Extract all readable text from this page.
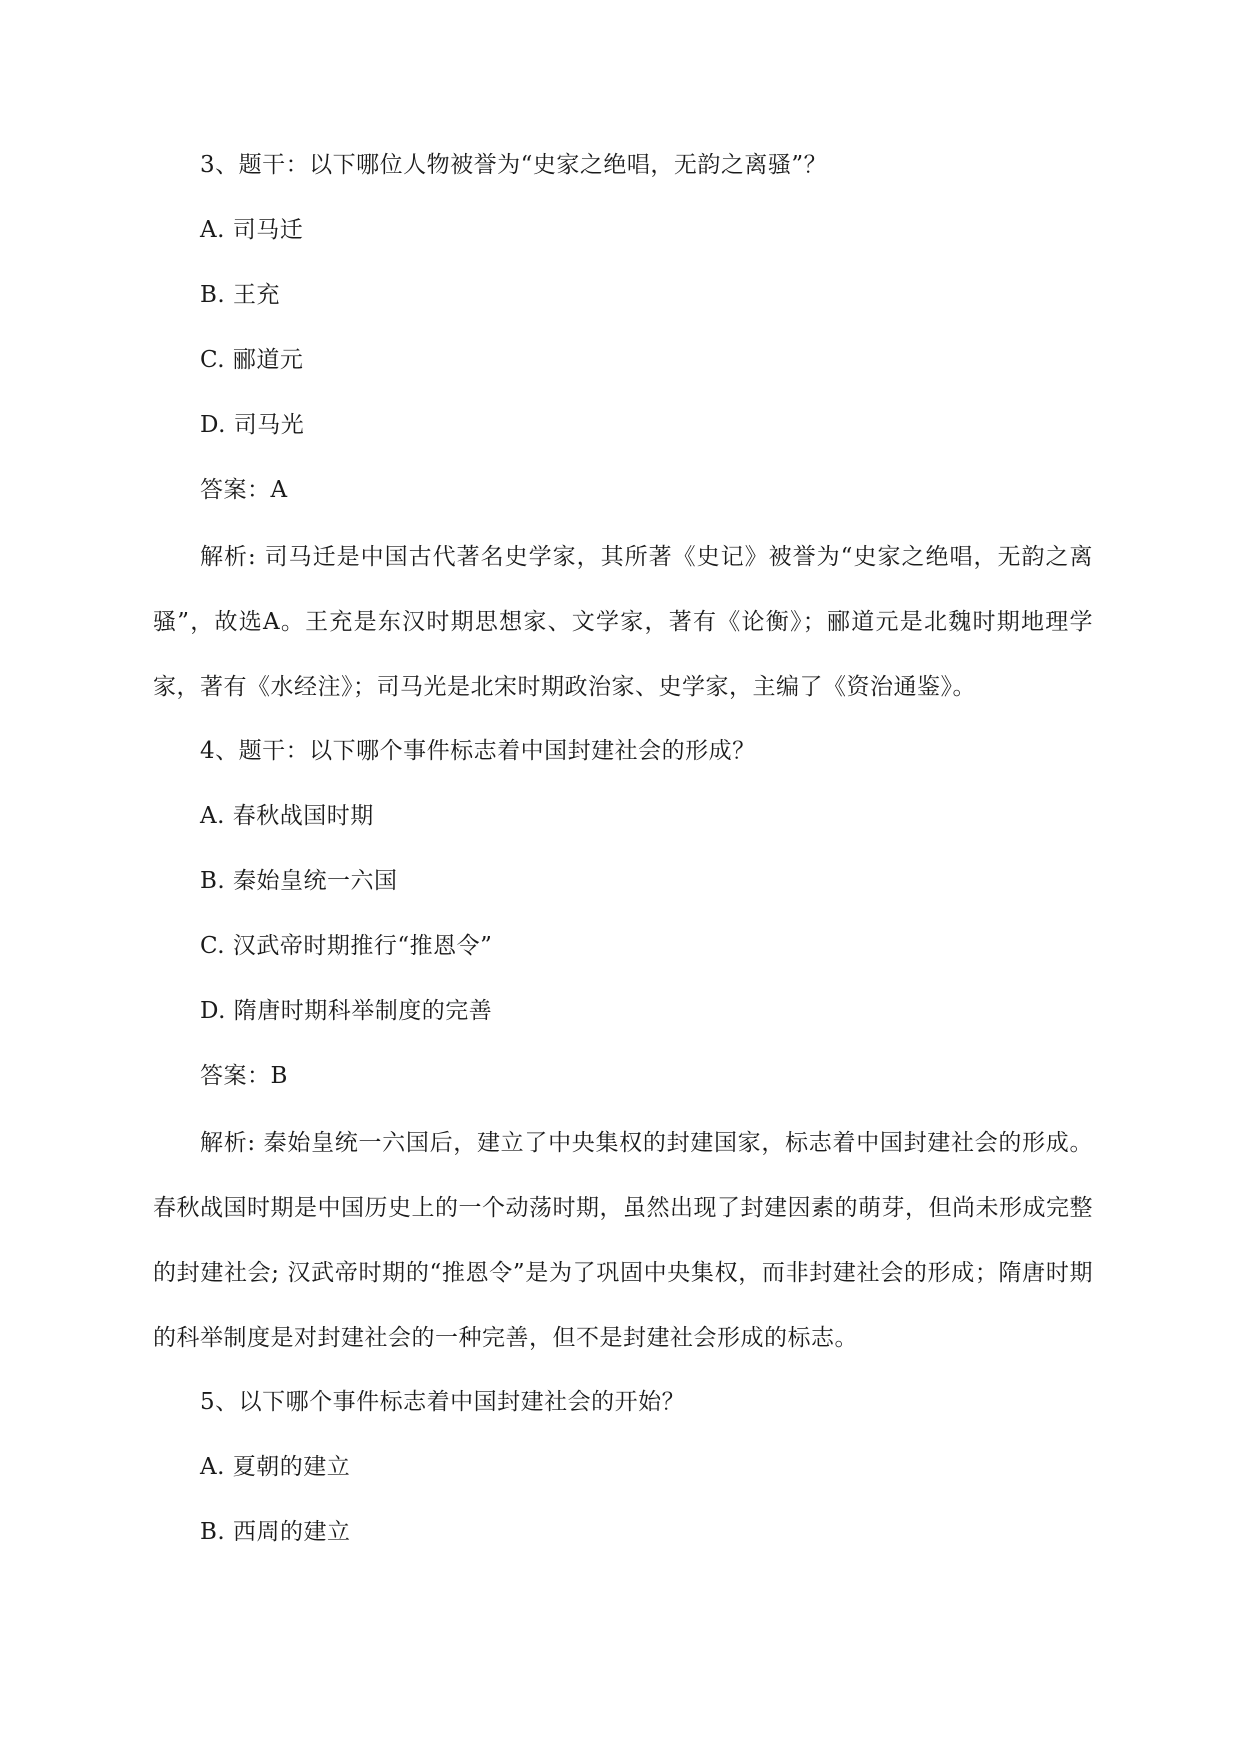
3、题干：以下哪位人物被誉为“史家之绝唱，无韵之离骚”？
A. 司马迁
B. 王充
C. 郦道元
D. 司马光
答案：A
解析: 司马迁是中国古代著名史学家，其所著《史记》被誉为“史家之绝唱，无韵之离骚”，故选A。王充是东汉时期思想家、文学家，著有《论衡》；郦道元是北魏时期地理学家，著有《水经注》；司马光是北宋时期政治家、史学家，主编了《资治通鉴》。
4、题干：以下哪个事件标志着中国封建社会的形成？
A. 春秋战国时期
B. 秦始皇统一六国
C. 汉武帝时期推行“推恩令”
D. 隋唐时期科举制度的完善
答案：B
解析: 秦始皇统一六国后，建立了中央集权的封建国家，标志着中国封建社会的形成。春秋战国时期是中国历史上的一个动荡时期，虽然出现了封建因素的萌芽，但尚未形成完整的封建社会; 汉武帝时期的“推恩令”是为了巩固中央集权，而非封建社会的形成；隋唐时期的科举制度是对封建社会的一种完善，但不是封建社会形成的标志。
5、以下哪个事件标志着中国封建社会的开始？
A. 夏朝的建立
B. 西周的建立
